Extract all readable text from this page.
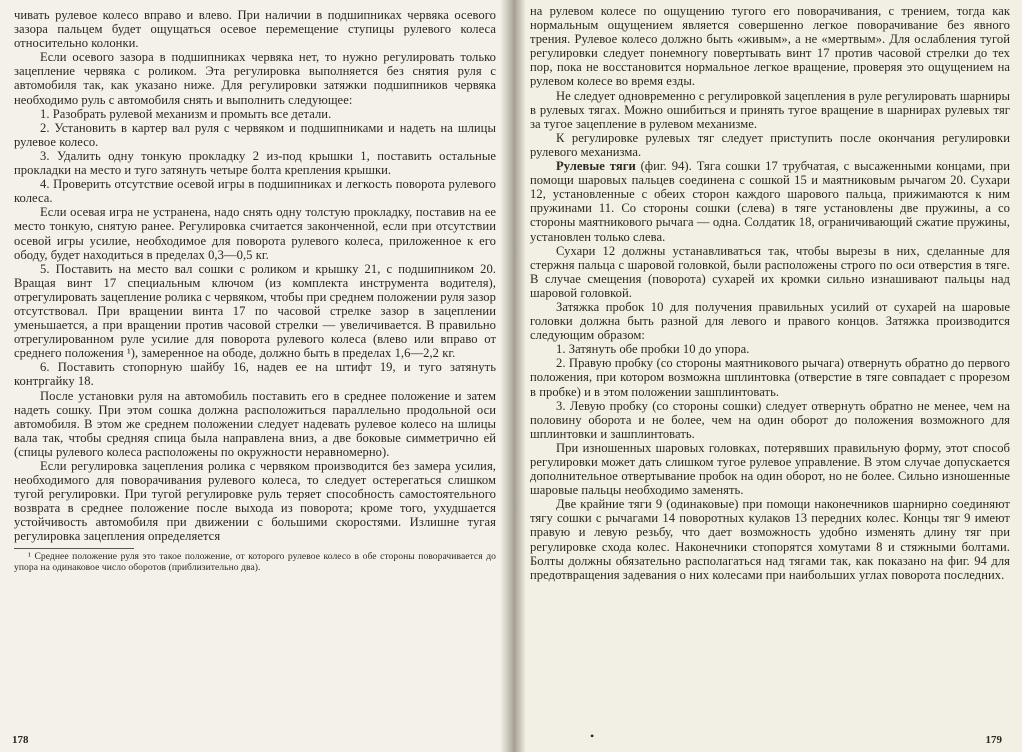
чивать рулевое колесо вправо и влево. При наличии в подшипниках червяка осевого зазора пальцем будет ощущаться осевое перемещение ступицы рулевого колеса относительно колонки.

Если осевого зазора в подшипниках червяка нет, то нужно регулировать только зацепление червяка с роликом. Эта регулировка выполняется без снятия руля с автомобиля так, как указано ниже. Для регулировки затяжки подшипников червяка необходимо руль с автомобиля снять и выполнить следующее:

1. Разобрать рулевой механизм и промыть все детали.

2. Установить в картер вал руля с червяком и подшипниками и надеть на шлицы рулевое колесо.

3. Удалить одну тонкую прокладку 2 из-под крышки 1, поставить остальные прокладки на место и туго затянуть четыре болта крепления крышки.

4. Проверить отсутствие осевой игры в подшипниках и легкость поворота рулевого колеса.

Если осевая игра не устранена, надо снять одну толстую прокладку, поставив на ее место тонкую, снятую ранее. Регулировка считается законченной, если при отсутствии осевой игры усилие, необходимое для поворота рулевого колеса, приложенное к его ободу, будет находиться в пределах 0,3—0,5 кг.

5. Поставить на место вал сошки с роликом и крышку 21, с подшипником 20. Вращая винт 17 специальным ключом (из комплекта инструмента водителя), отрегулировать зацепление ролика с червяком, чтобы при среднем положении руля зазор отсутствовал. При вращении винта 17 по часовой стрелке зазор в зацеплении уменьшается, а при вращении против часовой стрелки — увеличивается. В правильно отрегулированном руле усилие для поворота рулевого колеса (влево или вправо от среднего положения ¹), замеренное на ободе, должно быть в пределах 1,6—2,2 кг.

6. Поставить стопорную шайбу 16, надев ее на штифт 19, и туго затянуть контргайку 18.

После установки руля на автомобиль поставить его в среднее положение и затем надеть сошку. При этом сошка должна расположиться параллельно продольной оси автомобиля. В этом же среднем положении следует надевать рулевое колесо на шлицы вала так, чтобы средняя спица была направлена вниз, а две боковые симметрично ей (спицы рулевого колеса расположены по окружности неравномерно).

Если регулировка зацепления ролика с червяком производится без замера усилия, необходимого для поворачивания рулевого колеса, то следует остерегаться слишком тугой регулировки. При тугой регулировке руль теряет способность самостоятельного возврата в среднее положение после выхода из поворота; кроме того, ухудшается устойчивость автомобиля при движении с большими скоростями. Излишне тугая регулировка зацепления определяется

¹ Среднее положение руля это такое положение, от которого рулевое колесо в обе стороны поворачивается до упора на одинаковое число оборотов (приблизительно два).

178

на рулевом колесе по ощущению тугого его поворачивания, с трением, тогда как нормальным ощущением является совершенно легкое поворачивание без явного трения. Рулевое колесо должно быть «живым», а не «мертвым». Для ослабления тугой регулировки следует понемногу повертывать винт 17 против часовой стрелки до тех пор, пока не восстановится нормальное легкое вращение, проверяя это ощущением на рулевом колесе во время езды.

Не следует одновременно с регулировкой зацепления в руле регулировать шарниры в рулевых тягах. Можно ошибиться и принять тугое вращение в шарнирах рулевых тяг за тугое зацепление в рулевом механизме.

К регулировке рулевых тяг следует приступить после окончания регулировки рулевого механизма.

Рулевые тяги (фиг. 94). Тяга сошки 17 трубчатая, с высаженными концами, при помощи шаровых пальцев соединена с сошкой 15 и маятниковым рычагом 20. Сухари 12, установленные с обеих сторон каждого шарового пальца, прижимаются к ним пружинами 11. Со стороны сошки (слева) в тяге установлены две пружины, а со стороны маятникового рычага — одна. Солдатик 18, ограничивающий сжатие пружины, установлен только слева.

Сухари 12 должны устанавливаться так, чтобы вырезы в них, сделанные для стержня пальца с шаровой головкой, были расположены строго по оси отверстия в тяге. В случае смещения (поворота) сухарей их кромки сильно изнашивают пальцы над шаровой головкой.

Затяжка пробок 10 для получения правильных усилий от сухарей на шаровые головки должна быть разной для левого и правого концов. Затяжка производится следующим образом:

1. Затянуть обе пробки 10 до упора.

2. Правую пробку (со стороны маятникового рычага) отвернуть обратно до первого положения, при котором возможна шплинтовка (отверстие в тяге совпадает с прорезом в пробке) и в этом положении зашплинтовать.

3. Левую пробку (со стороны сошки) следует отвернуть обратно не менее, чем на половину оборота и не более, чем на один оборот до положения возможного для шплинтовки и зашплинтовать.

При изношенных шаровых головках, потерявших правильную форму, этот способ регулировки может дать слишком тугое рулевое управление. В этом случае допускается дополнительное отвертывание пробок на один оборот, но не более. Сильно изношенные шаровые пальцы необходимо заменять.

Две крайние тяги 9 (одинаковые) при помощи наконечников шарнирно соединяют тягу сошки с рычагами 14 поворотных кулаков 13 передних колес. Концы тяг 9 имеют правую и левую резьбу, что дает возможность удобно изменять длину тяг при регулировке схода колес. Наконечники стопорятся хомутами 8 и стяжными болтами. Болты должны обязательно располагаться над тягами так, как показано на фиг. 94 для предотвращения задевания о них колесами при наибольших углах поворота последних.

•	179
